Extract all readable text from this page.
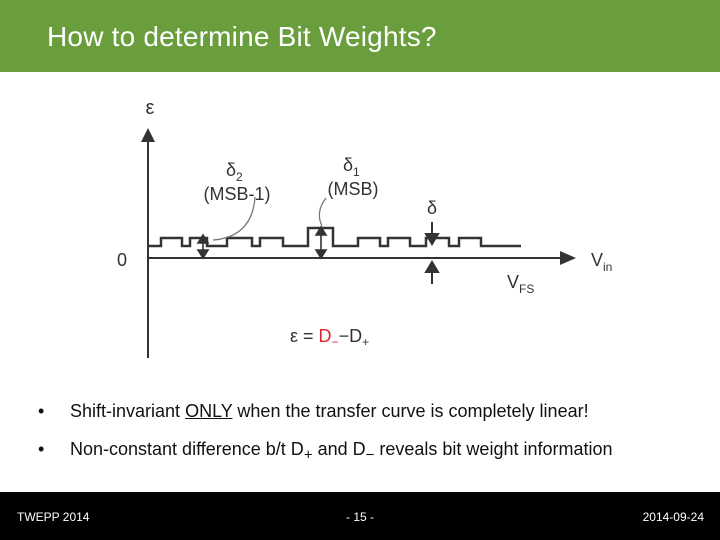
How to determine Bit Weights?
ε
$V_{in}$
0
$\delta_2$
(MSB-1)
$\delta_1$
(MSB)
δ
$V_{FS}$
$\varepsilon = D_--D_+$
• Shift-invariant ONLY when the transfer curve is completely linear!
• Non-constant difference b/t $D_+$ and $D_-$ reveals bit weight information
TWEPP 2014	- 15 -	2014-09-24
